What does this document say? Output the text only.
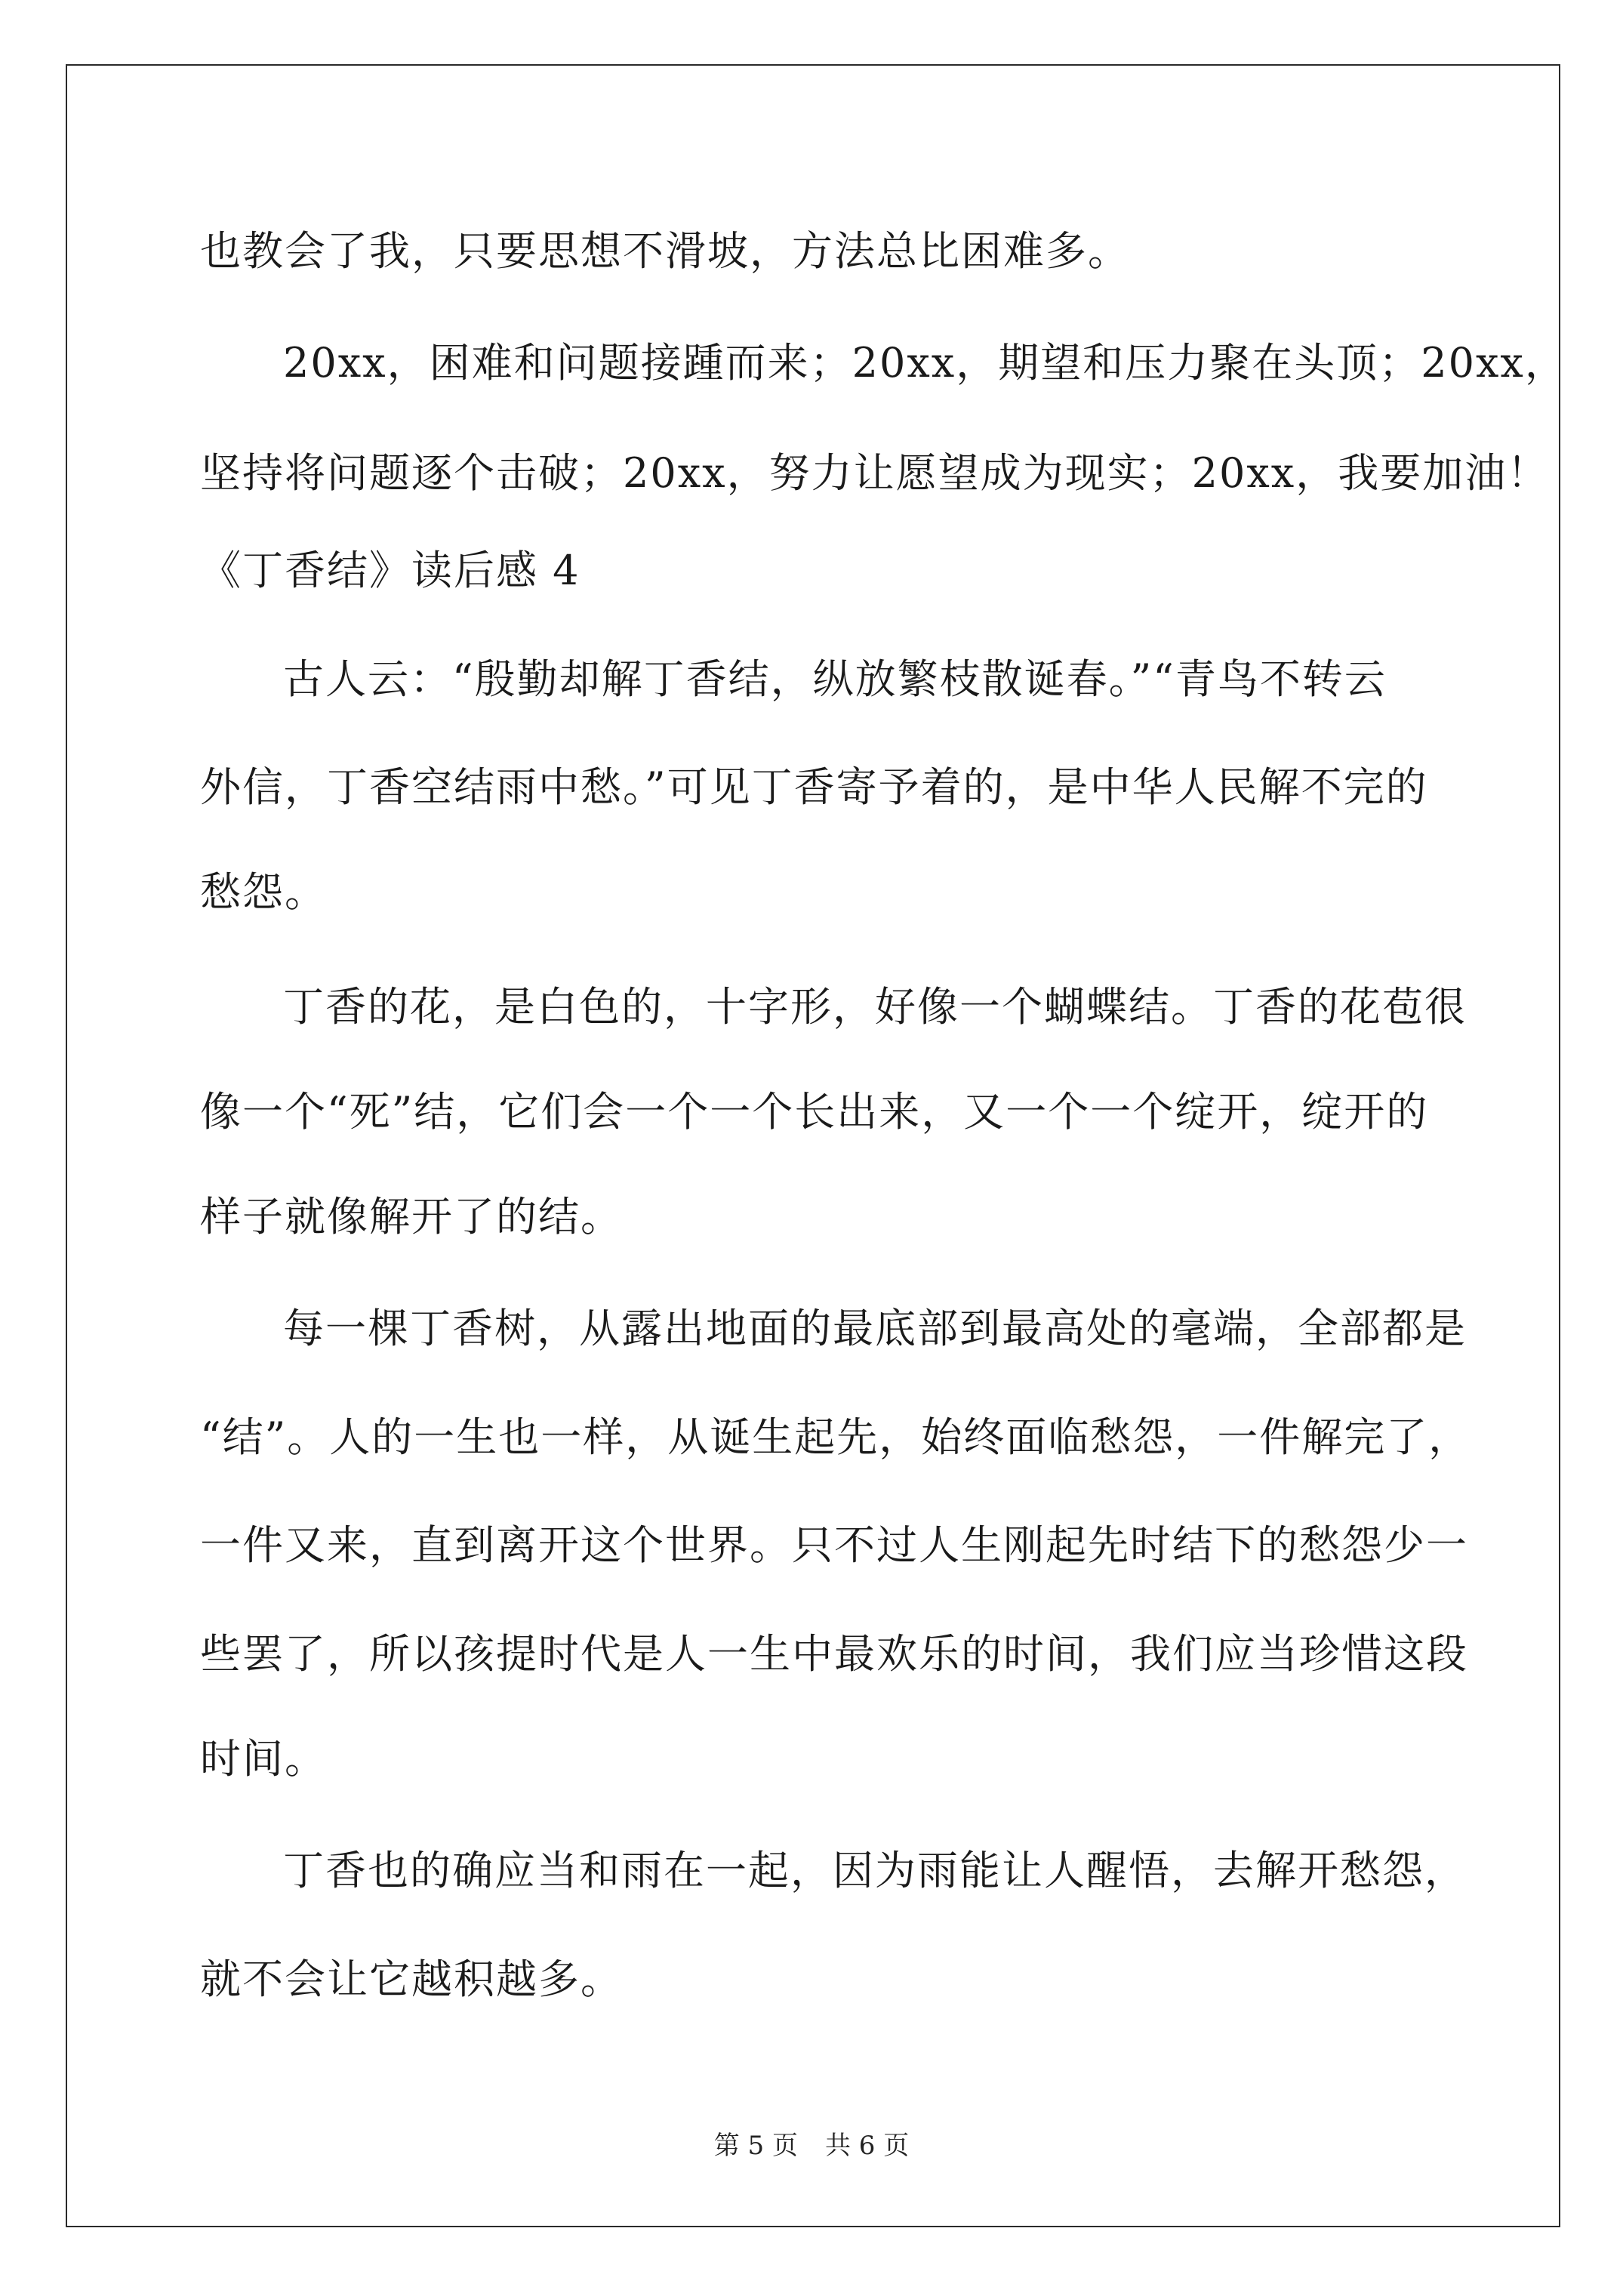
也教会了我，只要思想不滑坡，方法总比困难多。
20xx，困难和问题接踵而来；20xx，期望和压力聚在头顶；20xx，
坚持将问题逐个击破；20xx，努力让愿望成为现实；20xx，我要加油！
《丁香结》读后感 4
古人云：“殷勤却解丁香结，纵放繁枝散诞春。”“青鸟不转云
外信，丁香空结雨中愁。”可见丁香寄予着的，是中华人民解不完的
愁怨。
丁香的花，是白色的，十字形，好像一个蝴蝶结。丁香的花苞很
像一个“死”结，它们会一个一个长出来，又一个一个绽开，绽开的
样子就像解开了的结。
每一棵丁香树，从露出地面的最底部到最高处的毫端，全部都是
“结”。人的一生也一样，从诞生起先，始终面临愁怨，一件解完了，
一件又来，直到离开这个世界。只不过人生刚起先时结下的愁怨少一
些罢了，所以孩提时代是人一生中最欢乐的时间，我们应当珍惜这段
时间。
丁香也的确应当和雨在一起，因为雨能让人醒悟，去解开愁怨，
就不会让它越积越多。
第 5 页 共 6 页
